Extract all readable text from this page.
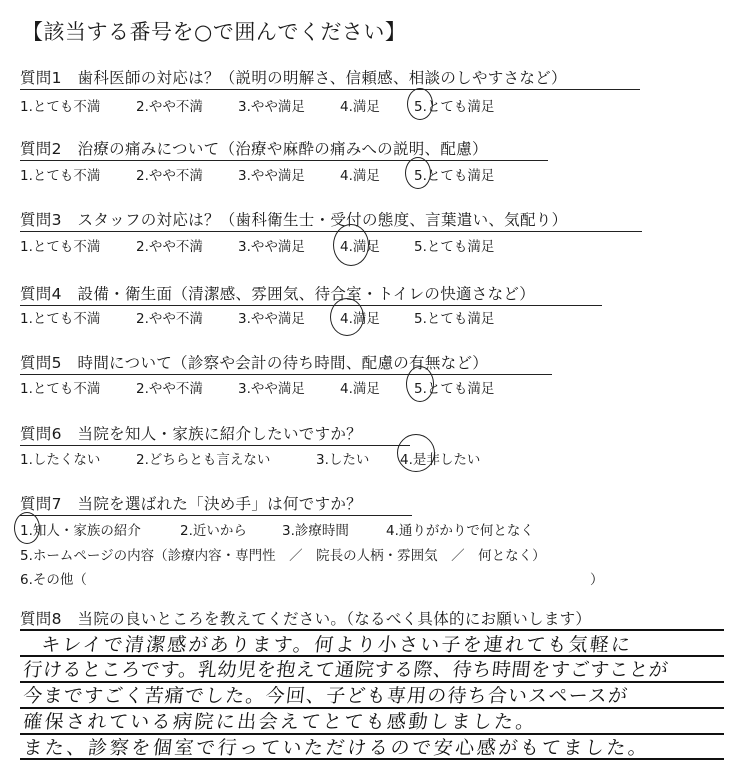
【該当する番号を○で囲んでください】
質問1　歯科医師の対応は？（説明の明解さ、信頼感、相談のしやすさなど）
1.とても不満	2.やや不満	3.やや満足	4.満足	5.とても満足
質問2　治療の痛みについて（治療や麻酔の痛みへの説明、配慮）
1.とても不満	2.やや不満	3.やや満足	4.満足	5.とても満足
質問3　スタッフの対応は？（歯科衛生士・受付の態度、言葉遣い、気配り）
1.とても不満	2.やや不満	3.やや満足	4.満足	5.とても満足
質問4　設備・衛生面（清潔感、雰囲気、待合室・トイレの快適さなど）
1.とても不満	2.やや不満	3.やや満足	4.満足	5.とても満足
質問5　時間について（診察や会計の待ち時間、配慮の有無など）
1.とても不満	2.やや不満	3.やや満足	4.満足	5.とても満足
質問6　当院を知人・家族に紹介したいですか？
1.したくない	2.どちらとも言えない	3.したい 4.是非したい
質問7　当院を選ばれた「決め手」は何ですか？
1.知人・家族の紹介	2.近いから	3.診療時間	4.通りがかりで何となく
5.ホームページの内容（診療内容・専門性　／　院長の人柄・雰囲気　／　何となく）
6.その他（	）
質問8　当院の良いところを教えてください。（なるべく具体的にお願いします）
キレイで清潔感があります。何より小さい子を連れても気軽に
行けるところです。乳幼児を抱えて通院する際、待ち時間をすごすことが
今まですごく苦痛でした。今回、子ども専用の待ち合いスペースが
確保されている病院に出会えてとても感動しました。
また、診察を個室で行っていただけるので安心感がもてました。
